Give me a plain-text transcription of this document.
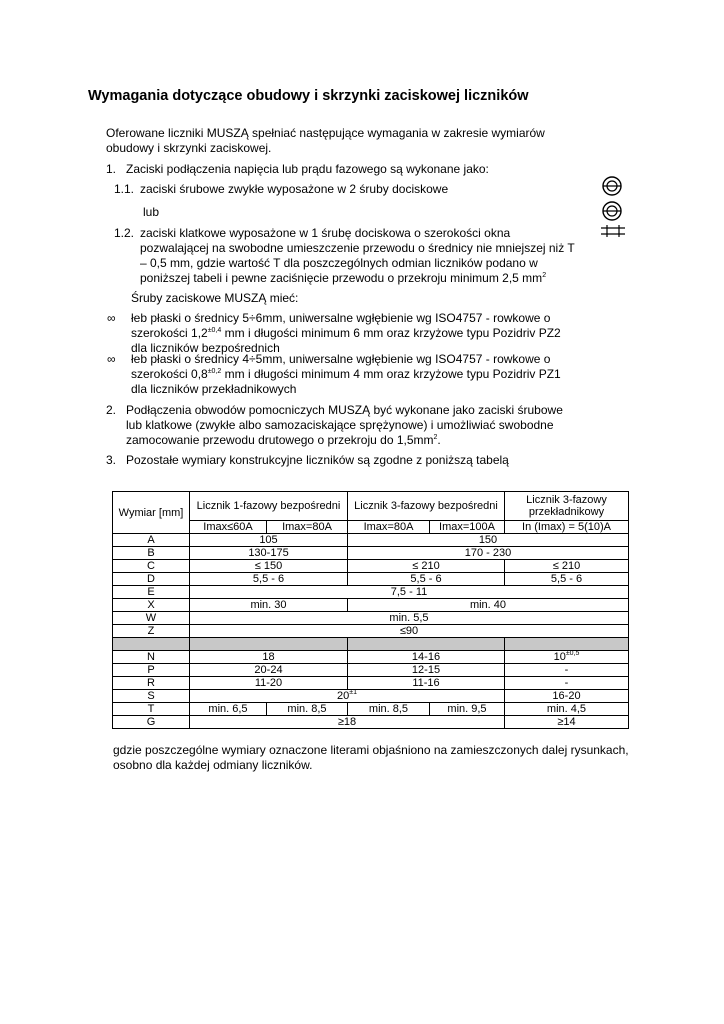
Wymagania dotyczące obudowy i skrzynki zaciskowej liczników
Oferowane liczniki MUSZĄ spełniać następujące wymagania w zakresie wymiarów
obudowy i skrzynki zaciskowej.
1. Zaciski podłączenia napięcia lub prądu fazowego są wykonane jako:
1.1. zaciski śrubowe zwykłe wyposażone w 2 śruby dociskowe
lub
1.2. zaciski klatkowe wyposażone w 1 śrubę dociskowa o szerokości okna
pozwalającej na swobodne umieszczenie przewodu o średnicy nie mniejszej niż T
– 0,5 mm, gdzie wartość T dla poszczególnych odmian liczników podano w
poniższej tabeli i pewne zaciśnięcie przewodu o przekroju minimum 2,5 $mm^2$
Śruby zaciskowe MUSZĄ mieć:
∞ łeb płaski o średnicy 5÷6mm, uniwersalne wgłębienie wg ISO4757 - rowkowe o
szerokości $1,2^{\pm 0,4}$ mm i długości minimum 6 mm oraz krzyżowe typu Pozidriv PZ2
dla liczników bezpośrednich
∞ łeb płaski o średnicy 4÷5mm, uniwersalne wgłębienie wg ISO4757 - rowkowe o
szerokości $0,8^{\pm 0,2}$ mm i długości minimum 4 mm oraz krzyżowe typu Pozidriv PZ1
dla liczników przekładnikowych
2. Podłączenia obwodów pomocniczych MUSZĄ być wykonane jako zaciski śrubowe
lub klatkowe (zwykłe albo samozaciskające sprężynowe) i umożliwiać swobodne
zamocowanie przewodu drutowego o przekroju do $1,5mm^2$.
3. Pozostałe wymiary konstrukcyjne liczników są zgodne z poniższą tabelą
Wymiar [mm]	Licznik 1-fazowy bezpośredni		Licznik 3-fazowy bezpośredni		Licznik 3-fazowy przekładnikowy
	Imax≤60A	Imax=80A	Imax=80A	Imax=100A	In (Imax) = 5(10)A
A	105		150		
B	130-175		170 - 230		
C	≤ 150		≤ 210		≤ 210
D	5,5 - 6		5,5 - 6		5,5 - 6
E	7,5 - 11				
X	min. 30		min. 40		
W	min. 5,5				
Z	≤90				

N	18		14-16		$10^{\pm 0,5}$
P	20-24		12-15		-
R	11-20		11-16		-
S	$20^{\pm 1}$				16-20
T	min. 6,5	min. 8,5	min. 8,5	min. 9,5	min. 4,5
G	≥18				≥14
gdzie poszczególne wymiary oznaczone literami objaśniono na zamieszczonych dalej rysunkach,
osobno dla każdej odmiany liczników.
